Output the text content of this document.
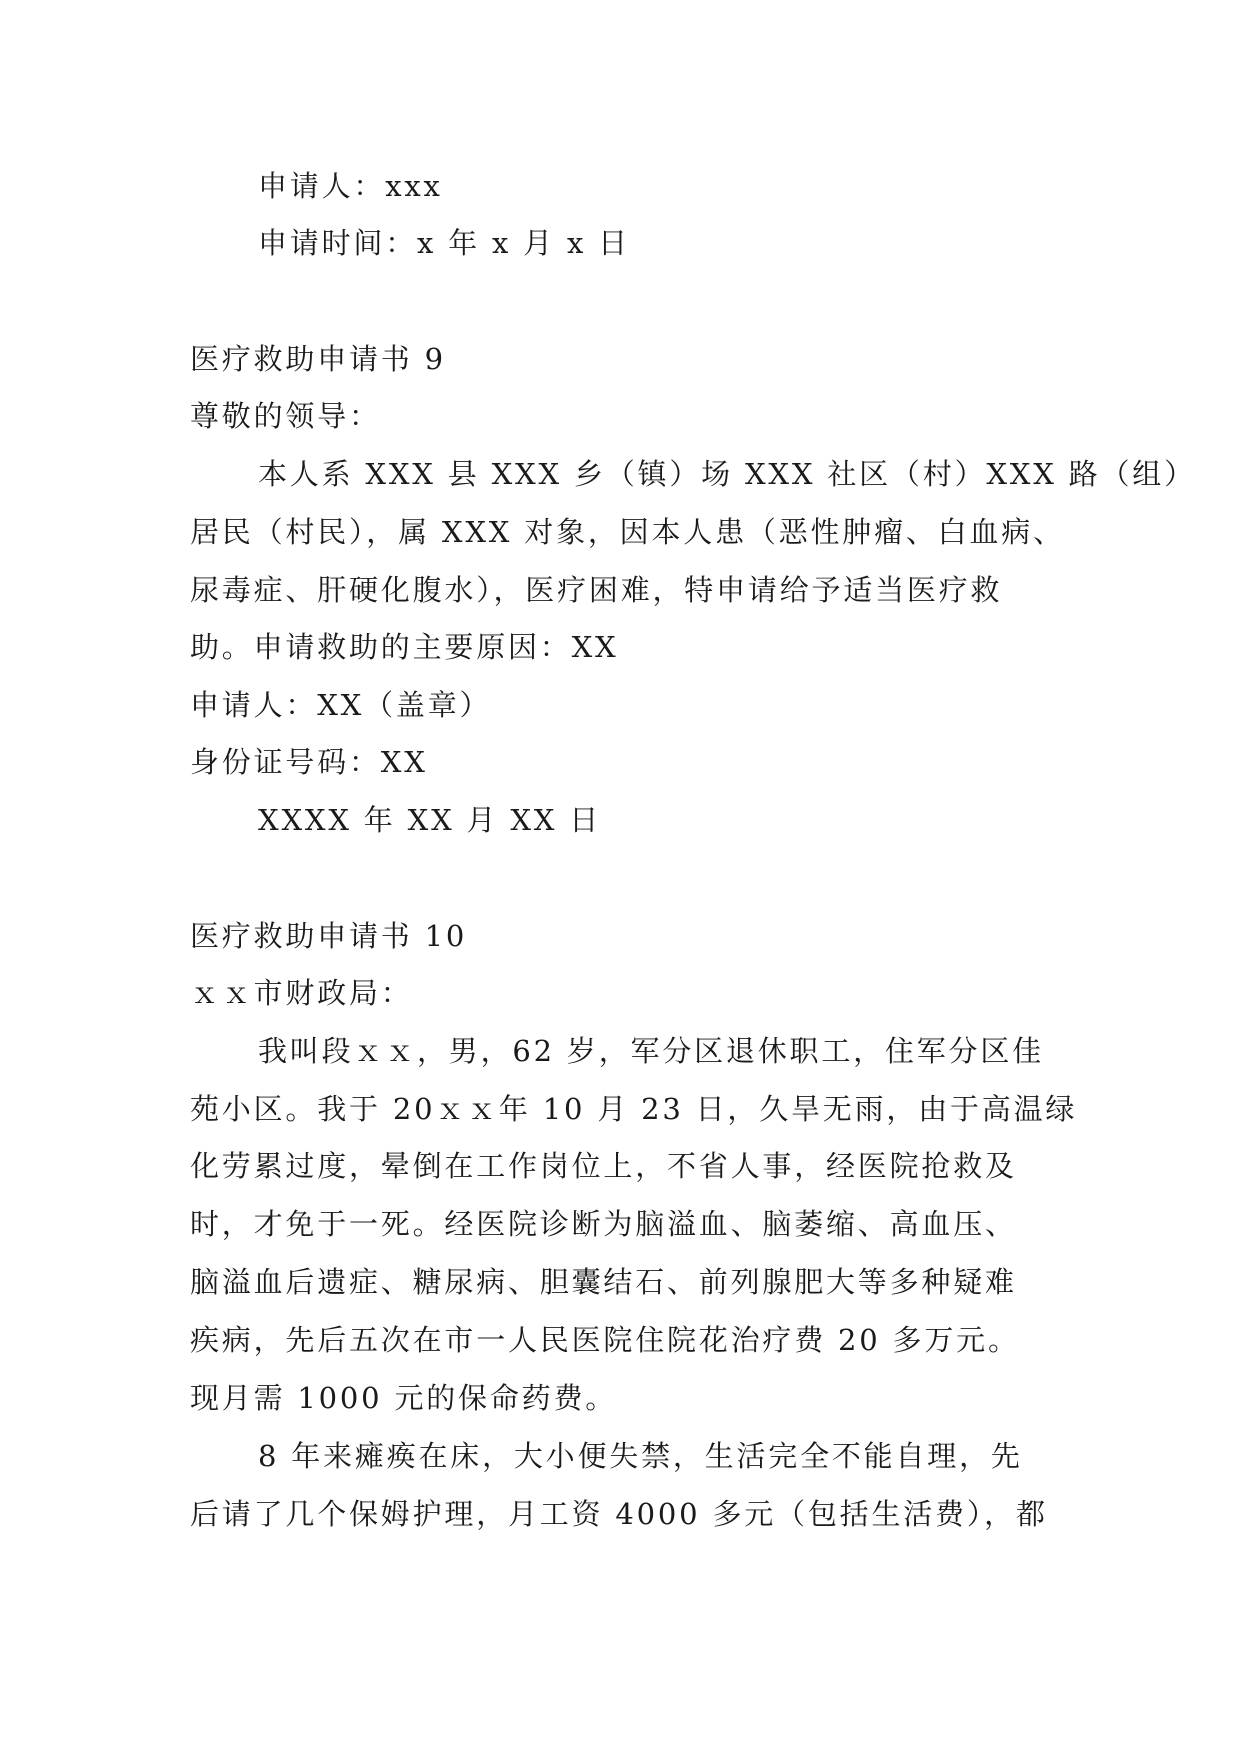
申请人：xxx
申请时间：x 年 x 月 x 日
医疗救助申请书 9
尊敬的领导：
本人系 XXX 县 XXX 乡（镇）场 XXX 社区（村）XXX 路（组）
居民（村民），属 XXX 对象，因本人患（恶性肿瘤、白血病、
尿毒症、肝硬化腹水），医疗困难，特申请给予适当医疗救
助。申请救助的主要原因：XX
申请人：XX（盖章）
身份证号码：XX
XXXX 年 XX 月 XX 日
医疗救助申请书 10
ｘｘ市财政局：
我叫段ｘｘ，男，62 岁，军分区退休职工，住军分区佳
苑小区。我于 20ｘｘ年 10 月 23 日，久旱无雨，由于高温绿
化劳累过度，晕倒在工作岗位上，不省人事，经医院抢救及
时，才免于一死。经医院诊断为脑溢血、脑萎缩、高血压、
脑溢血后遗症、糖尿病、胆囊结石、前列腺肥大等多种疑难
疾病，先后五次在市一人民医院住院花治疗费 20 多万元。
现月需 1000 元的保命药费。
8 年来瘫痪在床，大小便失禁，生活完全不能自理，先
后请了几个保姆护理，月工资 4000 多元（包括生活费），都
